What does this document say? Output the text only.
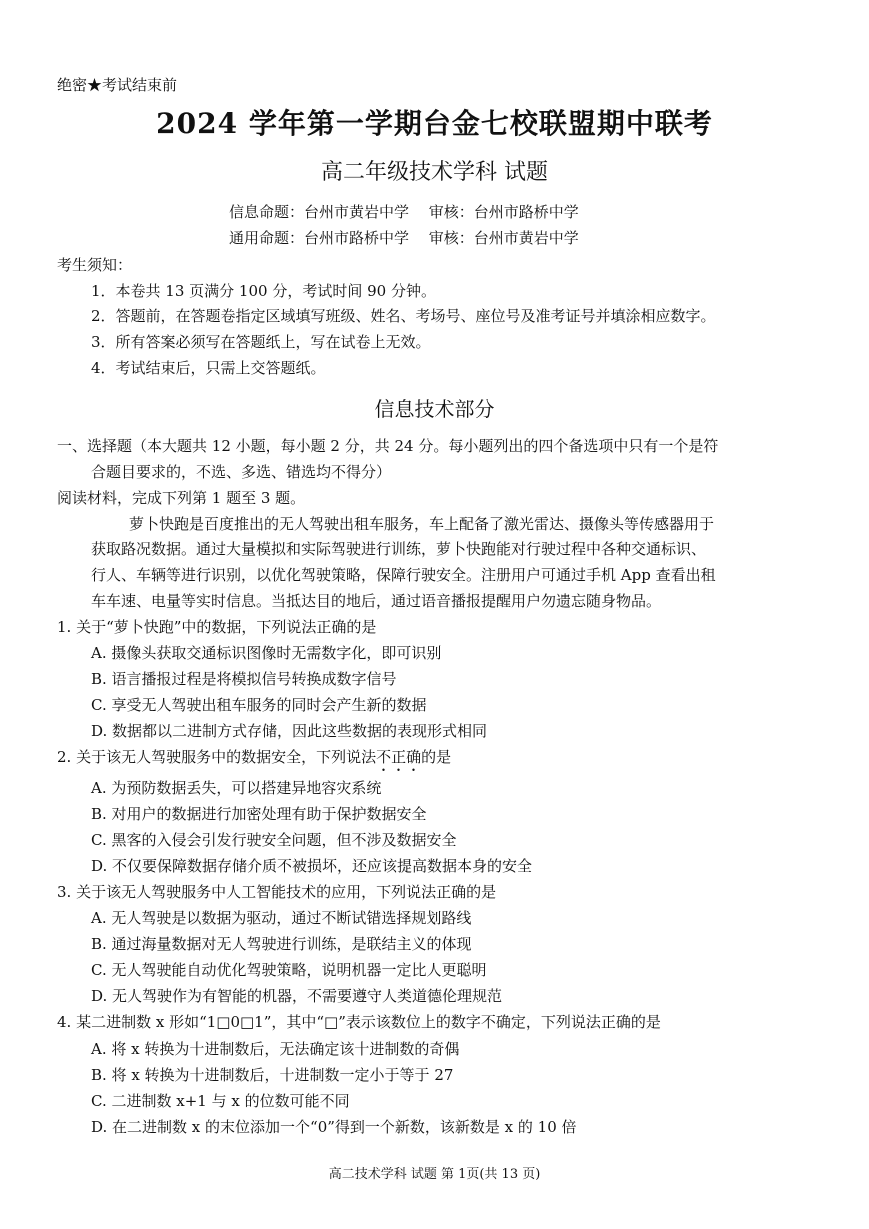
绝密★考试结束前
2024 学年第一学期台金七校联盟期中联考
高二年级技术学科 试题
信息命题：台州市黄岩中学　 审核：台州市路桥中学
通用命题：台州市路桥中学　 审核：台州市黄岩中学
考生须知：
1．本卷共 13 页满分 100 分，考试时间 90 分钟。
2．答题前，在答题卷指定区域填写班级、姓名、考场号、座位号及准考证号并填涂相应数字。
3．所有答案必须写在答题纸上，写在试卷上无效。
4．考试结束后，只需上交答题纸。
信息技术部分
一、选择题（本大题共 12 小题，每小题 2 分，共 24 分。每小题列出的四个备选项中只有一个是符
合题目要求的，不选、多选、错选均不得分）
阅读材料，完成下列第 1 题至 3 题。
萝卜快跑是百度推出的无人驾驶出租车服务，车上配备了激光雷达、摄像头等传感器用于
获取路况数据。通过大量模拟和实际驾驶进行训练，萝卜快跑能对行驶过程中各种交通标识、
行人、车辆等进行识别，以优化驾驶策略，保障行驶安全。注册用户可通过手机 App 查看出租
车车速、电量等实时信息。当抵达目的地后，通过语音播报提醒用户勿遗忘随身物品。
1. 关于“萝卜快跑”中的数据，下列说法正确的是
A. 摄像头获取交通标识图像时无需数字化，即可识别
B. 语言播报过程是将模拟信号转换成数字信号
C. 享受无人驾驶出租车服务的同时会产生新的数据
D. 数据都以二进制方式存储，因此这些数据的表现形式相同
2. 关于该无人驾驶服务中的数据安全，下列说法不正确的是
A. 为预防数据丢失，可以搭建异地容灾系统
B. 对用户的数据进行加密处理有助于保护数据安全
C. 黑客的入侵会引发行驶安全问题，但不涉及数据安全
D. 不仅要保障数据存储介质不被损坏，还应该提高数据本身的安全
3. 关于该无人驾驶服务中人工智能技术的应用，下列说法正确的是
A. 无人驾驶是以数据为驱动，通过不断试错选择规划路线
B. 通过海量数据对无人驾驶进行训练，是联结主义的体现
C. 无人驾驶能自动优化驾驶策略，说明机器一定比人更聪明
D. 无人驾驶作为有智能的机器，不需要遵守人类道德伦理规范
4. 某二进制数 x 形如“1□0□1”，其中“□”表示该数位上的数字不确定，下列说法正确的是
A. 将 x 转换为十进制数后，无法确定该十进制数的奇偶
B. 将 x 转换为十进制数后，十进制数一定小于等于 27
C. 二进制数 x+1 与 x 的位数可能不同
D. 在二进制数 x 的末位添加一个“0”得到一个新数，该新数是 x 的 10 倍
高二技术学科 试题 第 1页(共 13 页)
